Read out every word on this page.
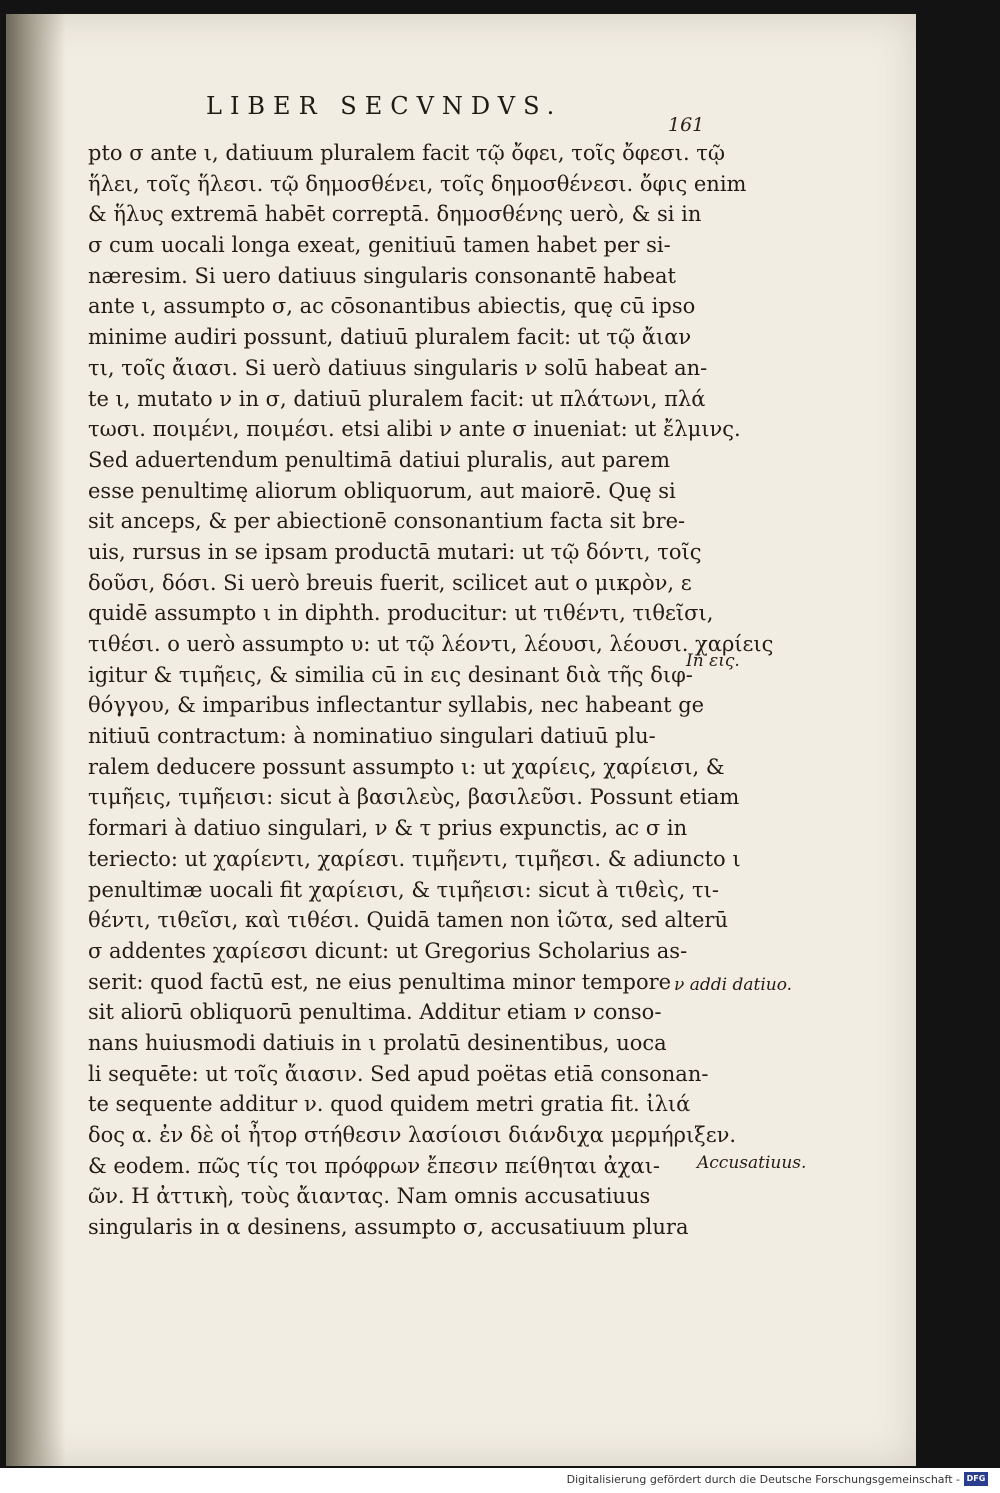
LIBER SECVNDVS.
161
pto σ ante ι, datiuum pluralem facit τῷ ὄφει, τοῖς ὄφεσι. τῷ
ἥλει, τοῖς ἥλεσι. τῷ δημοσθένει, τοῖς δημοσθένεσι. ὄφις enim
& ἥλυς extremā habēt correptā. δημοσθένης uerò, & si in
σ cum uocali longa exeat, genitiuū tamen habet per si-
næresim. Si uero datiuus singularis consonantē habeat
ante ι, assumpto σ, ac cōsonantibus abiectis, quę cū ipso
minime audiri possunt, datiuū pluralem facit: ut τῷ ἄιαν
τι, τοῖς ἄιασι. Si uerò datiuus singularis ν solū habeat an-
te ι, mutato ν in σ, datiuū pluralem facit: ut πλάτωνι, πλά
τωσι. ποιμένι, ποιμέσι. etsi alibi ν ante σ inueniat: ut ἔλμινς.
Sed aduertendum penultimā datiui pluralis, aut parem
esse penultimę aliorum obliquorum, aut maiorē. Quę si
sit anceps, & per abiectionē consonantium facta sit bre-
uis, rursus in se ipsam productā mutari: ut τῷ δόντι, τοῖς
δοῦσι, δόσι. Si uerò breuis fuerit, scilicet aut ο μικρὸν, ε
quidē assumpto ι in diphth. producitur: ut τιθέντι, τιθεῖσι,
τιθέσι. ο uerò assumpto υ: ut τῷ λέοντι, λέουσι, λέουσι. χαρίεις
igitur & τιμῆεις, & similia cū in εις desinant διὰ τῆς διφ-
θόγγου, & imparibus inflectantur syllabis, nec habeant ge
nitiuū contractum: à nominatiuo singulari datiuū plu-
ralem deducere possunt assumpto ι: ut χαρίεις, χαρίεισι, &
τιμῆεις, τιμῆεισι: sicut à βασιλεὺς, βασιλεῦσι. Possunt etiam
formari à datiuo singulari, ν & τ prius expunctis, ac σ in
teriecto: ut χαρίεντι, χαρίεσι. τιμῆεντι, τιμῆεσι. & adiuncto ι
penultimæ uocali fit χαρίεισι, & τιμῆεισι: sicut à τιθεὶς, τι-
θέντι, τιθεῖσι, καὶ τιθέσι. Quidā tamen non ἰῶτα, sed alterū
σ addentes χαρίεσσι dicunt: ut Gregorius Scholarius as-
serit: quod factū est, ne eius penultima minor tempore
sit aliorū obliquorū penultima. Additur etiam ν conso-
nans huiusmodi datiuis in ι prolatū desinentibus, uoca
li sequēte: ut τοῖς ἄιασιν. Sed apud poëtas etiā consonan-
te sequente additur ν. quod quidem metri gratia fit. ἰλιά
δος α. ἐν δὲ οἱ ἦτορ στήθεσιν λασίοισι διάνδιχα μερμήριξεν.
& eodem. πῶς τίς τοι πρόφρων ἔπεσιν πείθηται ἀχαι-
ῶν. Η ἀττικὴ, τοὺς ἄιαντας. Nam omnis accusatiuus
singularis in α desinens, assumpto σ, accusatiuum plura
In εις.
ν addi datiuo.
Accusatiuus.
Digitalisierung gefördert durch die Deutsche Forschungsgemeinschaft - DFG
